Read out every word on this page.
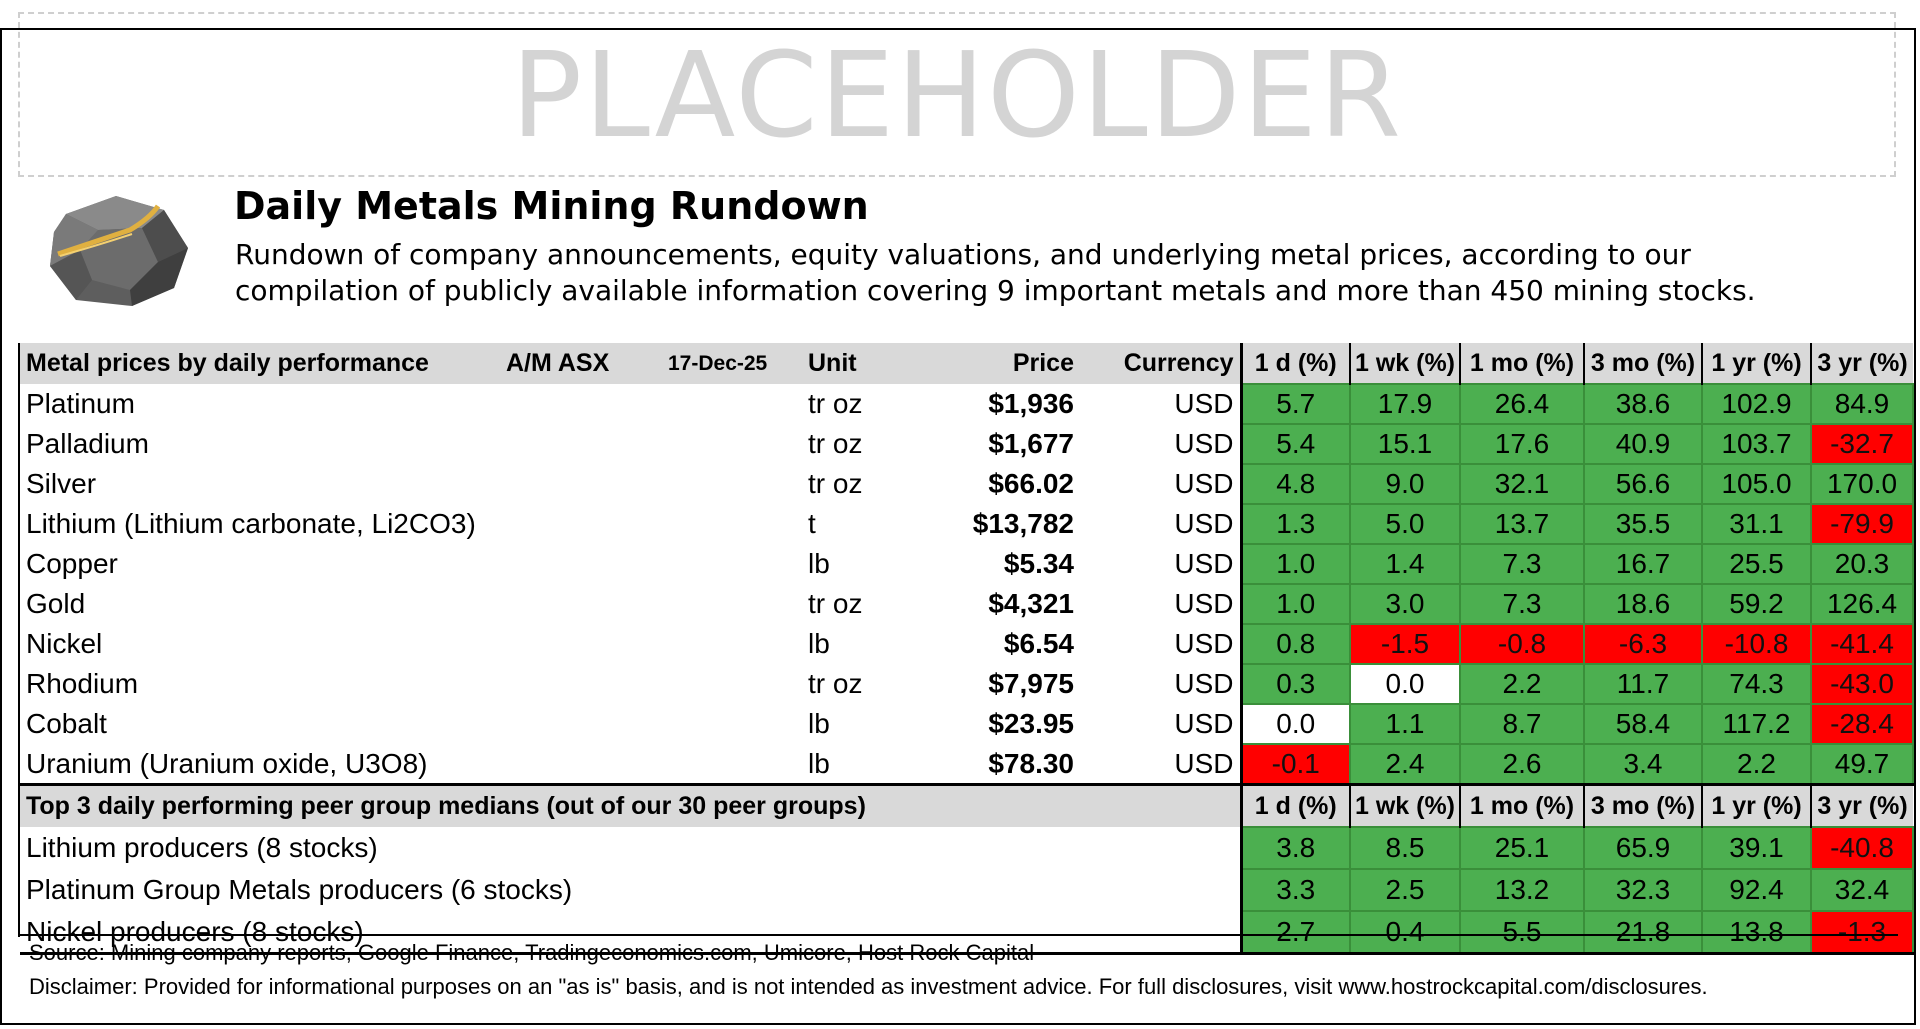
PLACEHOLDER
Daily Metals Mining Rundown
Rundown of company announcements, equity valuations, and underlying metal prices, according to our
compilation of publicly available information covering 9 important metals and more than 450 mining stocks.
Metal prices by daily performance	A/M ASX	17-Dec-25	Unit	Price	Currency	1 d (%)	1 wk (%)	1 mo (%)	3 mo (%)	1 yr (%)	3 yr (%)
Platinum			tr oz	$1,936	USD	5.7	17.9	26.4	38.6	102.9	84.9
Palladium			tr oz	$1,677	USD	5.4	15.1	17.6	40.9	103.7	-32.7
Silver			tr oz	$66.02	USD	4.8	9.0	32.1	56.6	105.0	170.0
Lithium (Lithium carbonate, Li2CO3)			t	$13,782	USD	1.3	5.0	13.7	35.5	31.1	-79.9
Copper			lb	$5.34	USD	1.0	1.4	7.3	16.7	25.5	20.3
Gold			tr oz	$4,321	USD	1.0	3.0	7.3	18.6	59.2	126.4
Nickel			lb	$6.54	USD	0.8	-1.5	-0.8	-6.3	-10.8	-41.4
Rhodium			tr oz	$7,975	USD	0.3	0.0	2.2	11.7	74.3	-43.0
Cobalt			lb	$23.95	USD	0.0	1.1	8.7	58.4	117.2	-28.4
Uranium (Uranium oxide, U3O8)			lb	$78.30	USD	-0.1	2.4	2.6	3.4	2.2	49.7
Top 3 daily performing peer group medians (out of our 30 peer groups)						1 d (%)	1 wk (%)	1 mo (%)	3 mo (%)	1 yr (%)	3 yr (%)
Lithium producers (8 stocks)						3.8	8.5	25.1	65.9	39.1	-40.8
Platinum Group Metals producers (6 stocks)						3.3	2.5	13.2	32.3	92.4	32.4
Nickel producers (8 stocks)						2.7	0.4	5.5	21.8	13.8	-1.3
Source: Mining company reports, Google Finance, Tradingeconomics.com, Umicore, Host Rock Capital
Disclaimer: Provided for informational purposes on an "as is" basis, and is not intended as investment advice. For full disclosures, visit www.hostrockcapital.com/disclosures.
